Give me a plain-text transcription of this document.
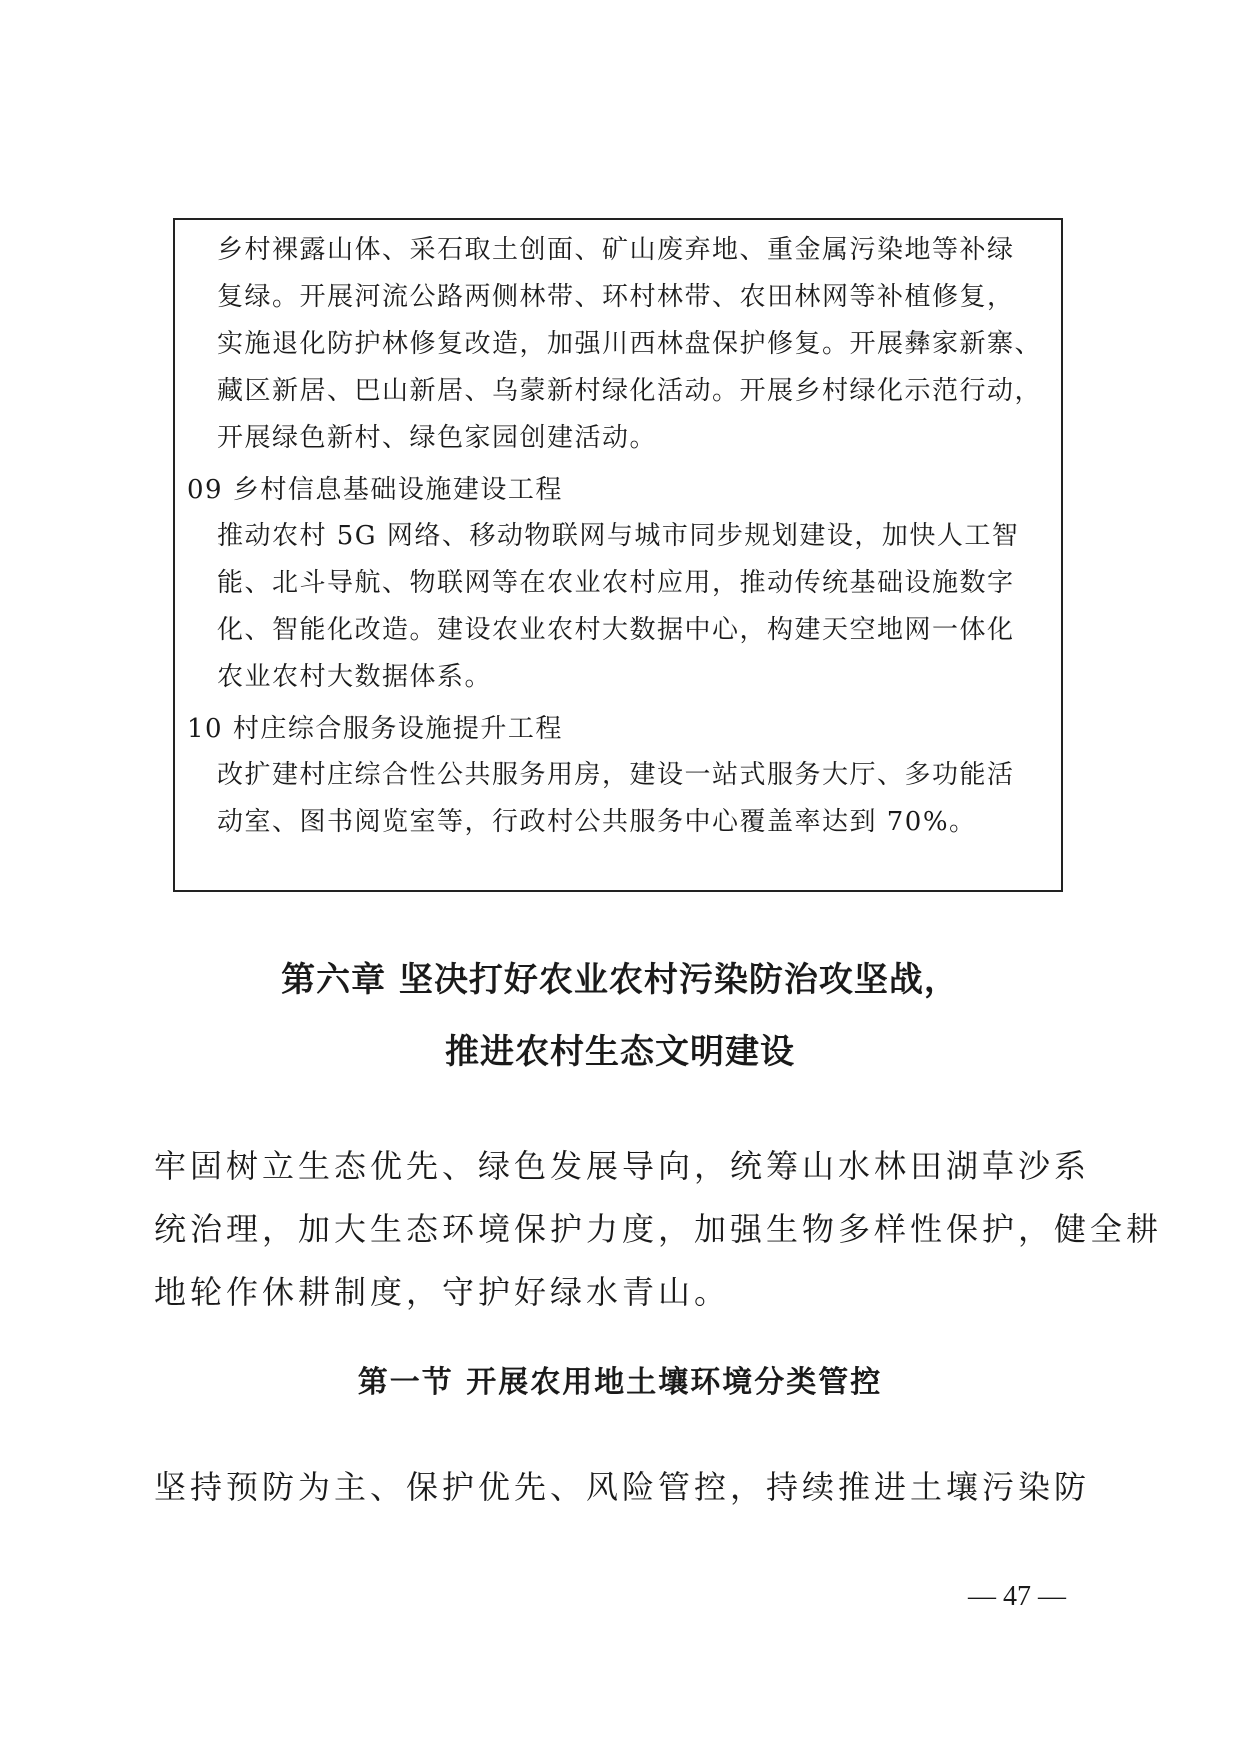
乡村裸露山体、采石取土创面、矿山废弃地、重金属污染地等补绿
复绿。开展河流公路两侧林带、环村林带、农田林网等补植修复，
实施退化防护林修复改造，加强川西林盘保护修复。开展彝家新寨、
藏区新居、巴山新居、乌蒙新村绿化活动。开展乡村绿化示范行动，
开展绿色新村、绿色家园创建活动。
09 乡村信息基础设施建设工程
推动农村 5G 网络、移动物联网与城市同步规划建设，加快人工智
能、北斗导航、物联网等在农业农村应用，推动传统基础设施数字
化、智能化改造。建设农业农村大数据中心，构建天空地网一体化
农业农村大数据体系。
10 村庄综合服务设施提升工程
改扩建村庄综合性公共服务用房，建设一站式服务大厅、多功能活
动室、图书阅览室等，行政村公共服务中心覆盖率达到 70%。
第六章 坚决打好农业农村污染防治攻坚战，
推进农村生态文明建设
牢固树立生态优先、绿色发展导向，统筹山水林田湖草沙系
统治理，加大生态环境保护力度，加强生物多样性保护，健全耕
地轮作休耕制度，守护好绿水青山。
第一节 开展农用地土壤环境分类管控
坚持预防为主、保护优先、风险管控，持续推进土壤污染防
— 47 —
